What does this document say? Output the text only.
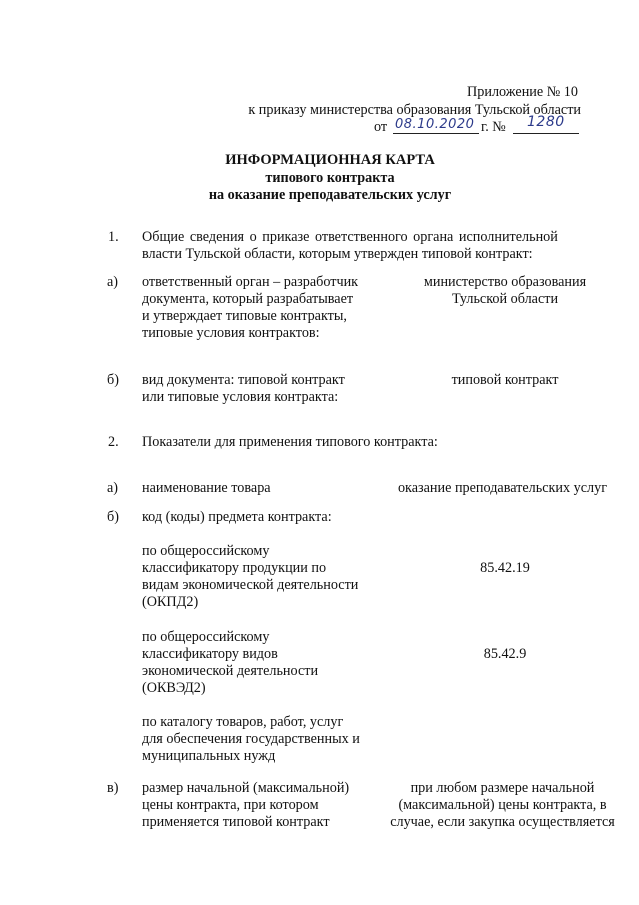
Приложение № 10
к приказу министерства образования Тульской области
от 08.10.2020 г. № 1280
ИНФОРМАЦИОННАЯ КАРТА
типового контракта
на оказание преподавательских услуг
1. Общие сведения о приказе ответственного органа исполнительной
власти Тульской области, которым утвержден типовой контракт:
а) ответственный орган – разработчик
документа, который разрабатывает
и утверждает типовые контракты,
типовые условия контрактов:
министерство образования
Тульской области
б) вид документа: типовой контракт
или типовые условия контракта:
типовой контракт
2. Показатели для применения типового контракта:
а) наименование товара	оказание преподавательских услуг
б) код (коды) предмета контракта:
по общероссийскому
классификатору продукции по
видам экономической деятельности
(ОКПД2)
85.42.19
по общероссийскому
классификатору видов
экономической деятельности
(ОКВЭД2)
85.42.9
по каталогу товаров, работ, услуг
для обеспечения государственных и
муниципальных нужд
в) размер начальной (максимальной)
цены контракта, при котором
применяется типовой контракт
при любом размере начальной
(максимальной) цены контракта, в
случае, если закупка осуществляется
